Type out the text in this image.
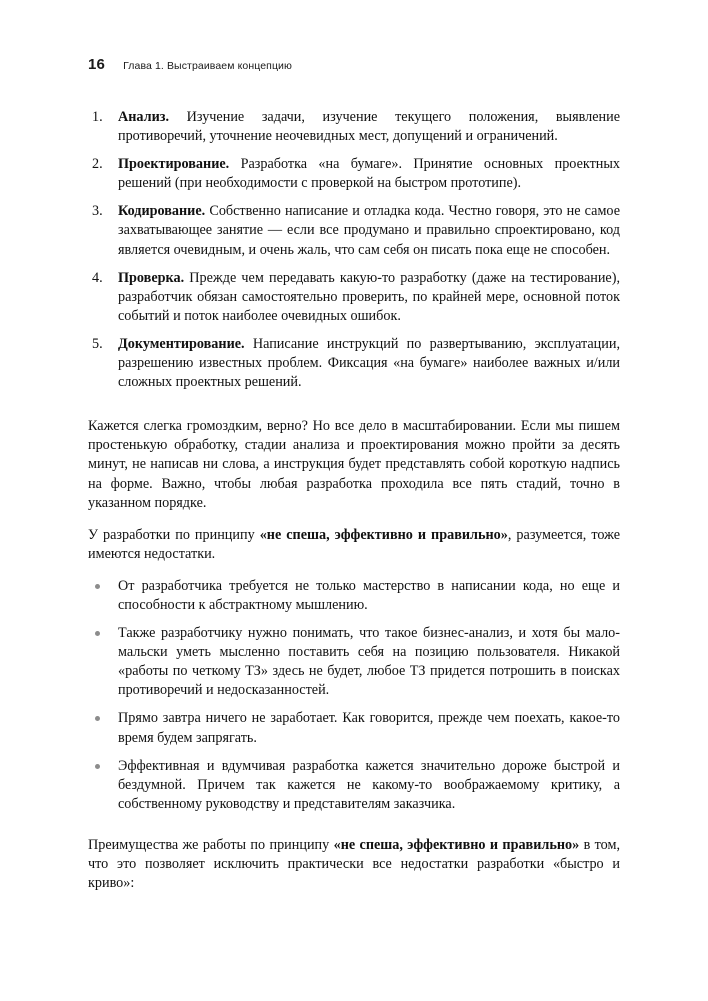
16 Глава 1. Выстраиваем концепцию
1.	Анализ. Изучение задачи, изучение текущего положения, выявление противоречий, уточнение неочевидных мест, допущений и ограничений.
2.	Проектирование. Разработка «на бумаге». Принятие основных проектных решений (при необходимости с проверкой на быстром прототипе).
3.	Кодирование. Собственно написание и отладка кода. Честно говоря, это не самое захватывающее занятие — если все продумано и правильно спроектировано, код является очевидным, и очень жаль, что сам себя он писать пока еще не способен.
4.	Проверка. Прежде чем передавать какую-то разработку (даже на тестирование), разработчик обязан самостоятельно проверить, по крайней мере, основной поток событий и поток наиболее очевидных ошибок.
5.	Документирование. Написание инструкций по развертыванию, эксплуатации, разрешению известных проблем. Фиксация «на бумаге» наиболее важных и/или сложных проектных решений.

Кажется слегка громоздким, верно? Но все дело в масштабировании. Если мы пишем простенькую обработку, стадии анализа и проектирования можно пройти за десять минут, не написав ни слова, а инструкция будет представлять собой короткую надпись на форме. Важно, чтобы любая разработка проходила все пять стадий, точно в указанном порядке.

У разработки по принципу «не спеша, эффективно и правильно», разумеется, тоже имеются недостатки.

От разработчика требуется не только мастерство в написании кода, но еще и способности к абстрактному мышлению.
Также разработчику нужно понимать, что такое бизнес-анализ, и хотя бы мало-мальски уметь мысленно поставить себя на позицию пользователя. Никакой «работы по четкому ТЗ» здесь не будет, любое ТЗ придется потрошить в поисках противоречий и недосказанностей.
Прямо завтра ничего не заработает. Как говорится, прежде чем поехать, какое-то время будем запрягать.
Эффективная и вдумчивая разработка кажется значительно дороже быстрой и бездумной. Причем так кажется не какому-то воображаемому критику, а собственному руководству и представителям заказчика.

Преимущества же работы по принципу «не спеша, эффективно и правильно» в том, что это позволяет исключить практически все недостатки разработки «быстро и криво»:
